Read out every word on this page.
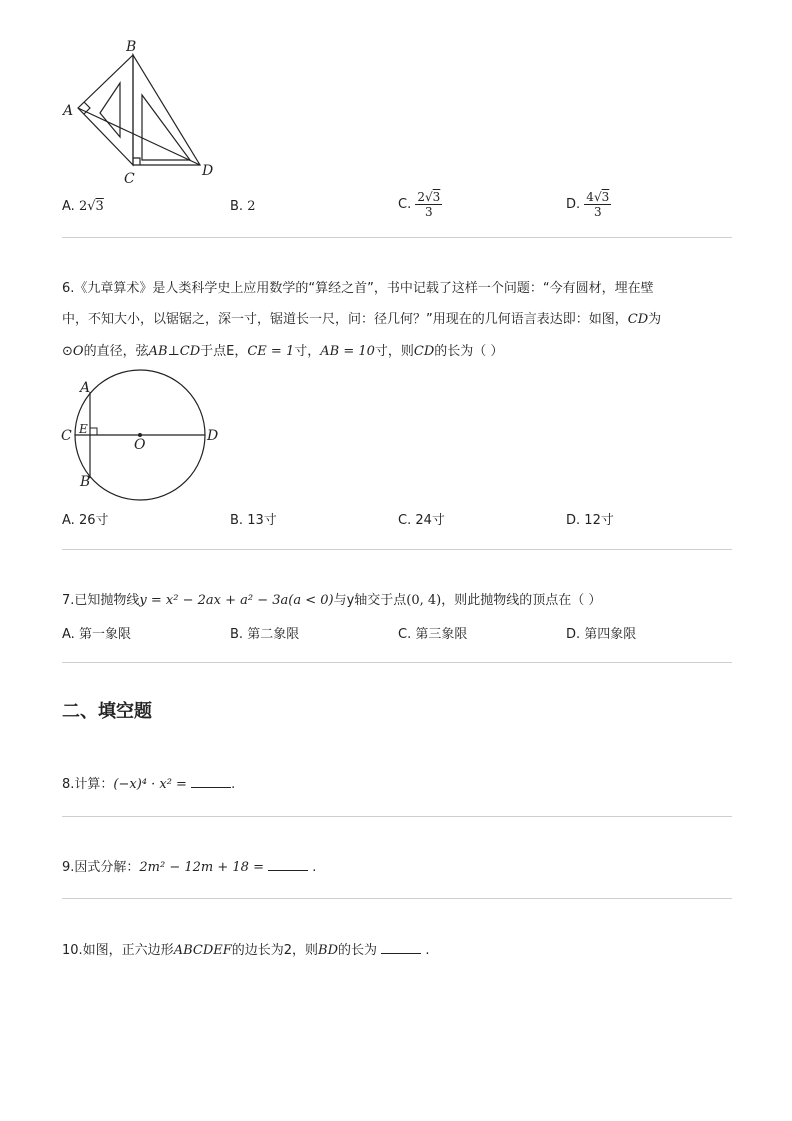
B
A
C	D
A. 2√3	B. 2	C. $\frac{2√3}{3}$	D. $\frac{4√3}{3}$
6.《九章算术》是人类科学史上应用数学的“算经之首”，书中记载了这样一个问题：“今有圆材，埋在壁
中，不知大小，以锯锯之，深一寸，锯道长一尺，问：径几何？”用现在的几何语言表达即：如图，CD为
⊙O的直径，弦AB⊥CD于点E，CE = 1寸，AB = 10寸，则CD的长为（ ）
A
B
C	D
E
O
A. 26寸	B. 13寸	C. 24寸	D. 12寸
7.已知抛物线y = x² − 2ax + a² − 3a(a < 0)与y轴交于点(0, 4)，则此抛物线的顶点在（ ）
A. 第一象限	B. 第二象限	C. 第三象限	D. 第四象限
二、填空题
8.计算：(−x)⁴ · x² =	.
9.因式分解：2m² − 12m + 18 =	.
10.如图，正六边形ABCDEF的边长为2，则BD的长为	.
